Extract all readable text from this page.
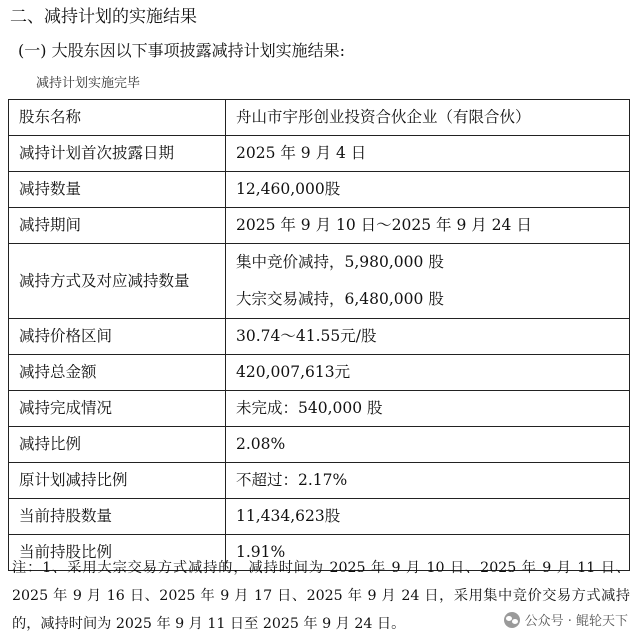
二、减持计划的实施结果
(一) 大股东因以下事项披露减持计划实施结果:
减持计划实施完毕
股东名称	舟山市宇彤创业投资合伙企业（有限合伙）
减持计划首次披露日期	2025 年 9 月 4 日
减持数量	12,460,000股
减持期间	2025 年 9 月 10 日～2025 年 9 月 24 日
减持方式及对应减持数量	集中竞价减持，5,980,000 股
大宗交易减持，6,480,000 股

减持价格区间	30.74～41.55元/股
减持总金额	420,007,613元
减持完成情况	未完成：540,000 股
减持比例	2.08%
原计划减持比例	不超过：2.17%
当前持股数量	11,434,623股
当前持股比例	1.91%
注：1、采用大宗交易方式减持的，减持时间为 2025 年 9 月 10 日、2025 年 9 月 11 日、2025 年 9 月 16 日、2025 年 9 月 17 日、2025 年 9 月 24 日，采用集中竞价交易方式减持的，减持时间为 2025 年 9 月 11 日至 2025 年 9 月 24 日。	公众号 · 鲲轮天下
